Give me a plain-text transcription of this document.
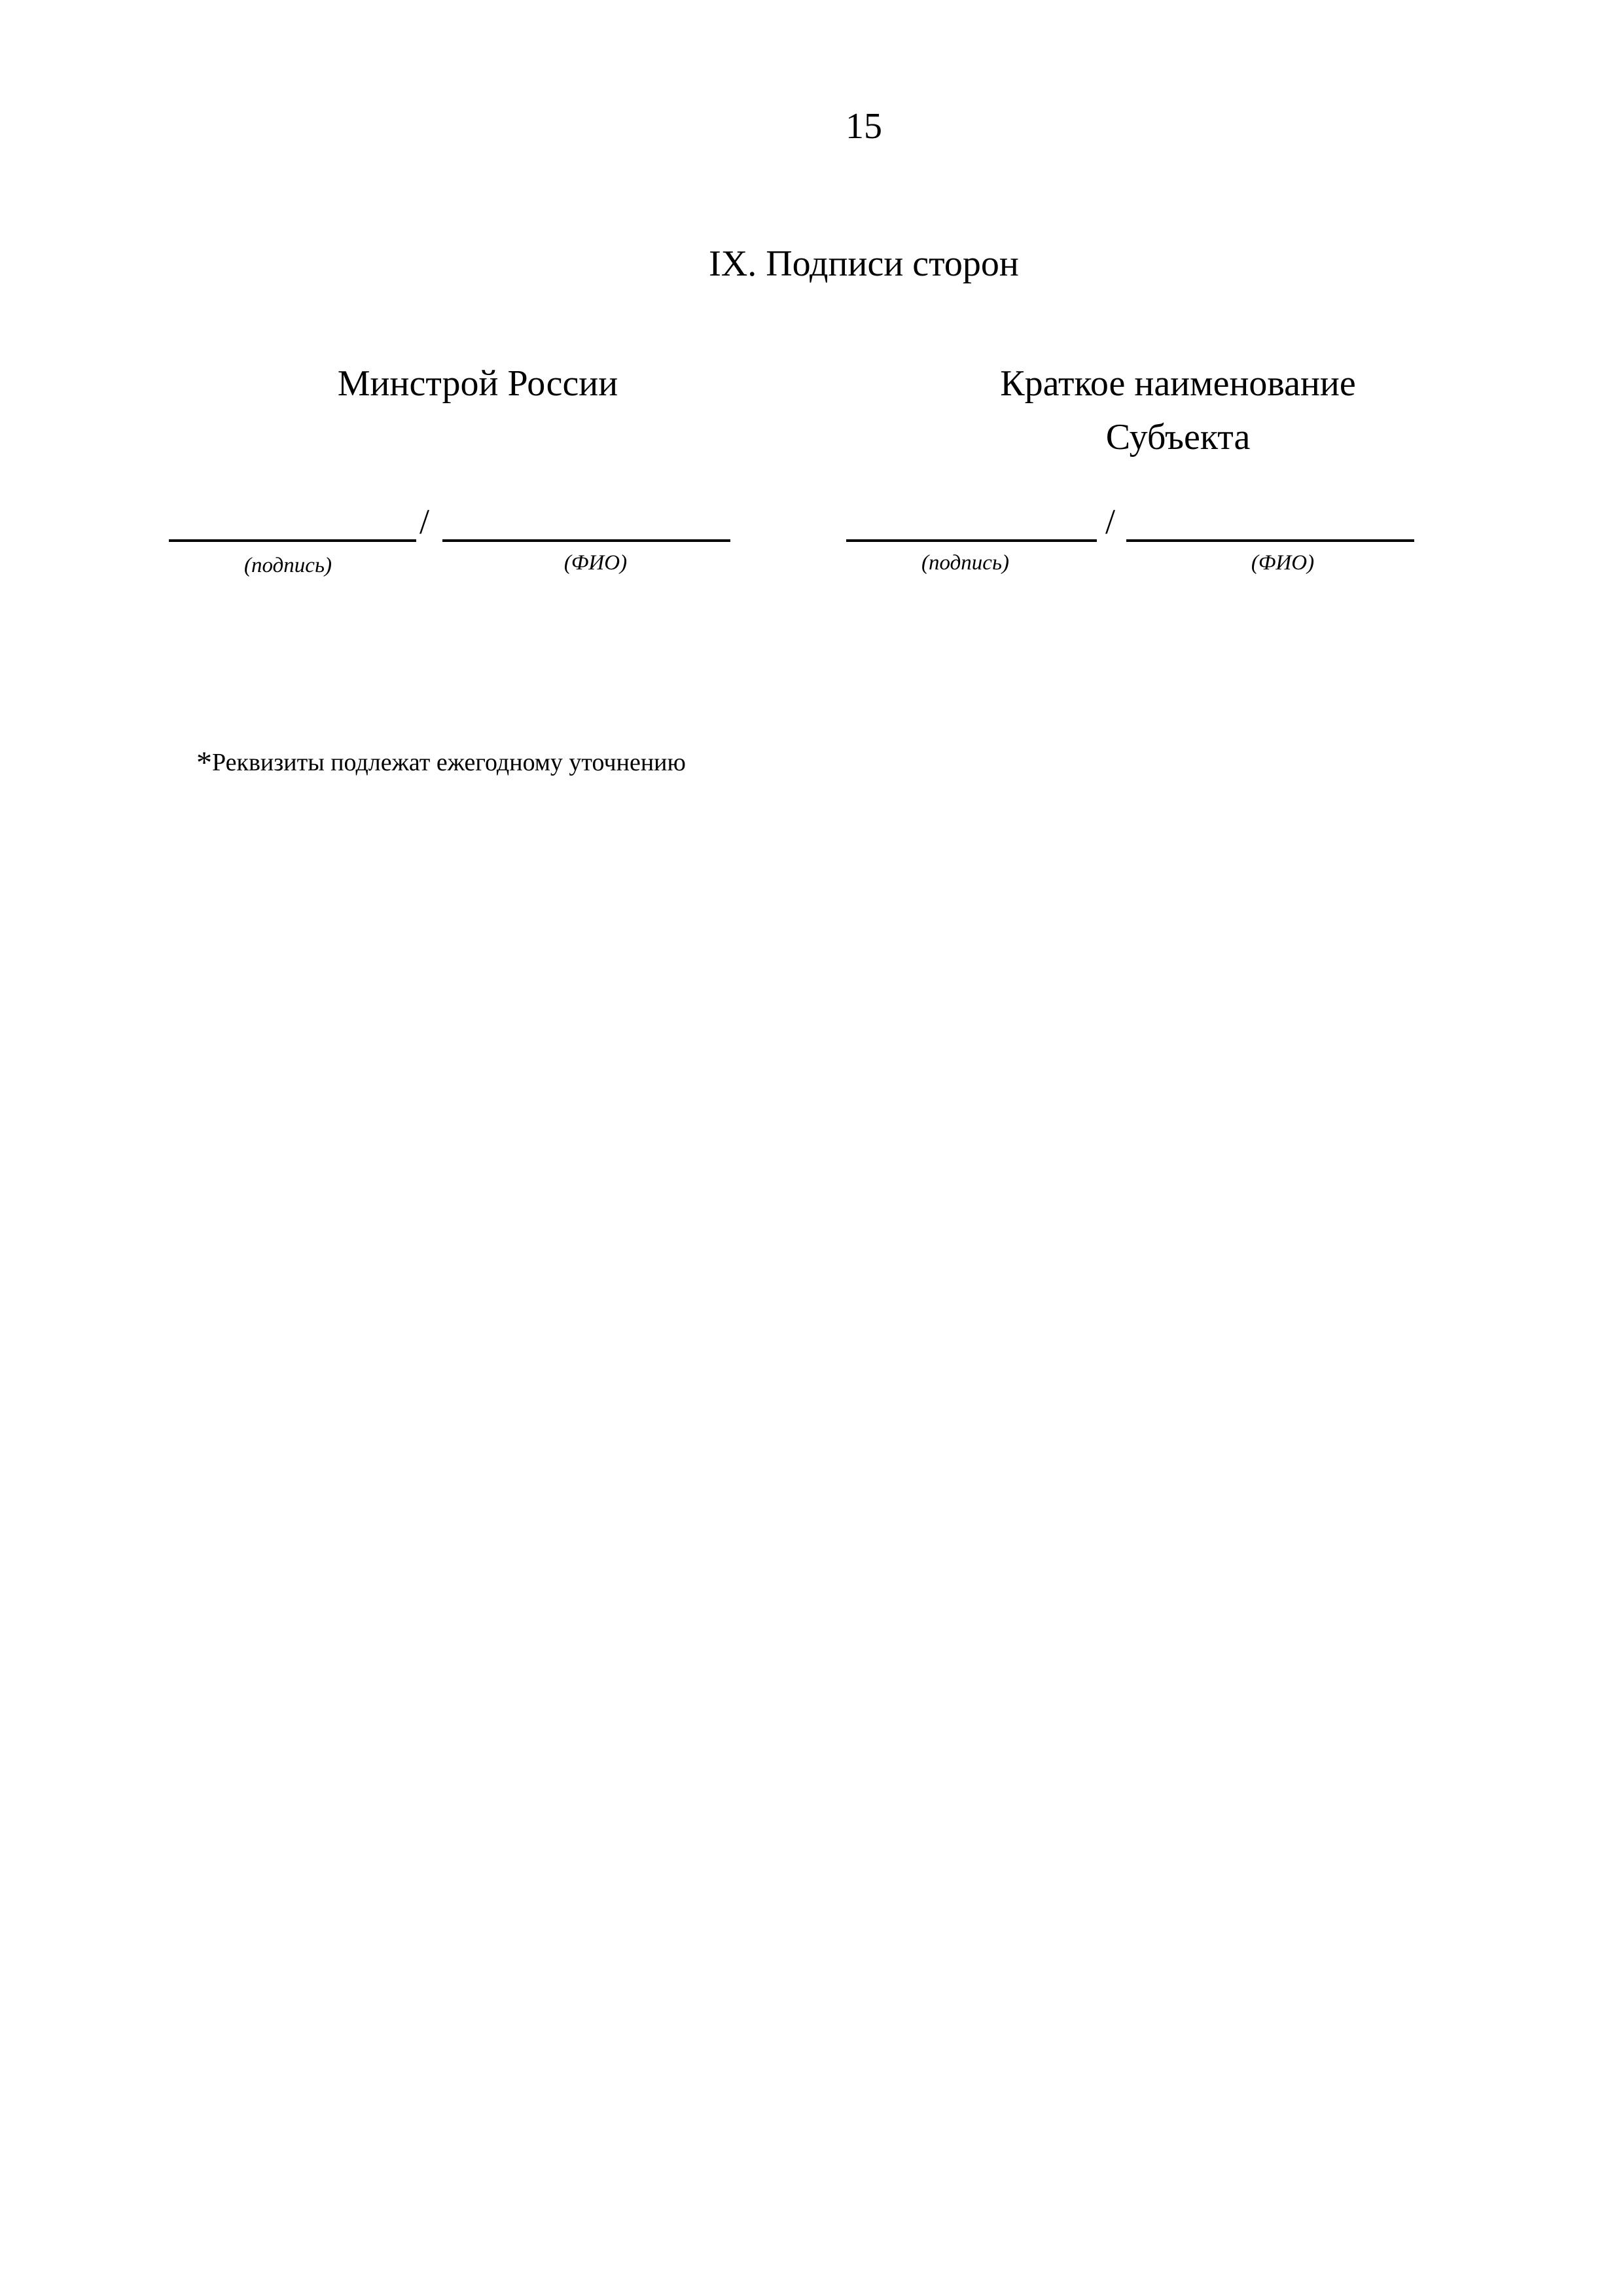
15
IX. Подписи сторон
Минстрой России
/
(подпись)	(ФИО)
Краткое наименование
Субъекта
/
(подпись)	(ФИО)
*Реквизиты подлежат ежегодному уточнению
